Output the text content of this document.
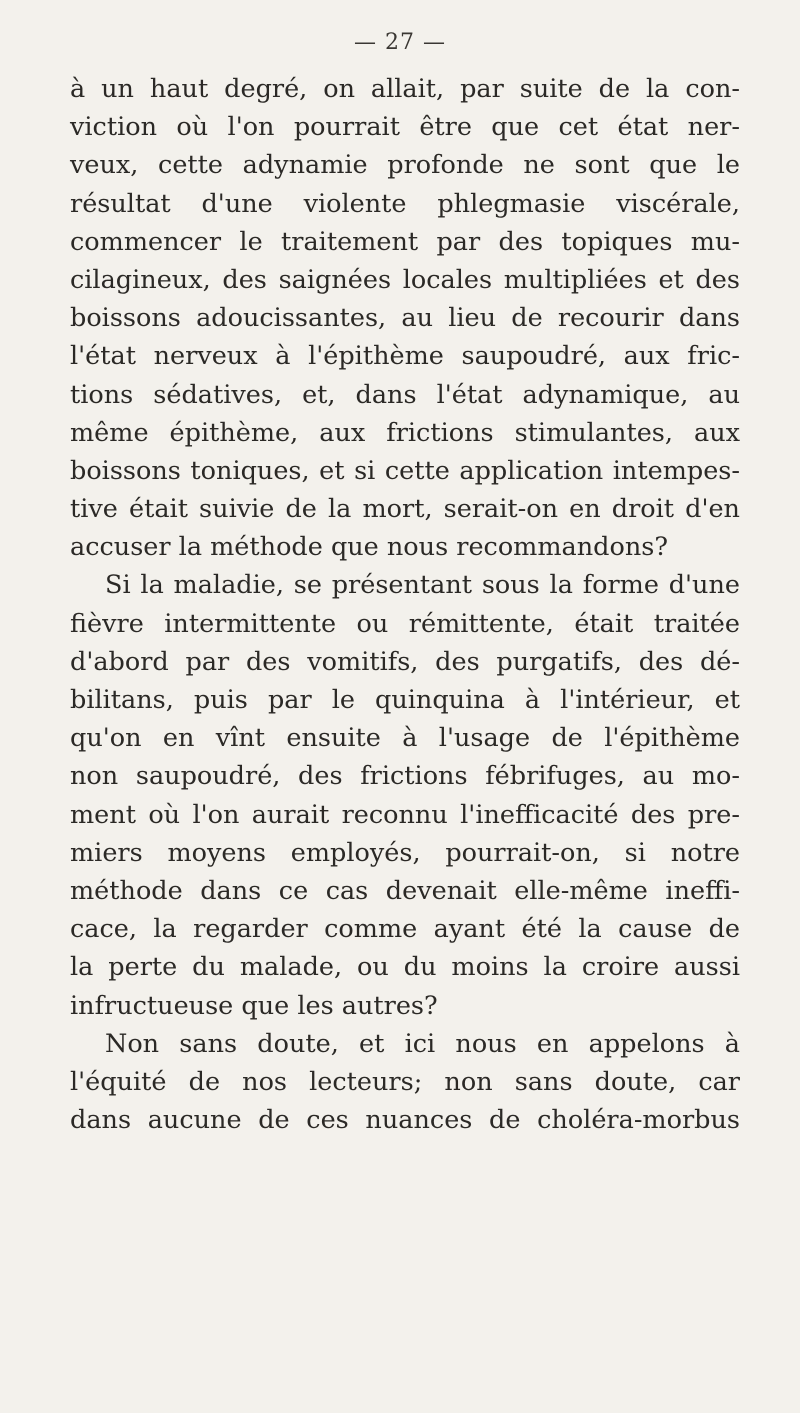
— 27 —
à un haut degré, on allait, par suite de la con-
viction où l'on pourrait être que cet état ner-
veux, cette adynamie profonde ne sont que le
résultat d'une violente phlegmasie viscérale,
commencer le traitement par des topiques mu-
cilagineux, des saignées locales multipliées et des
boissons adoucissantes, au lieu de recourir dans
l'état nerveux à l'épithème saupoudré, aux fric-
tions sédatives, et, dans l'état adynamique, au
même épithème, aux frictions stimulantes, aux
boissons toniques, et si cette application intempes-
tive était suivie de la mort, serait-on en droit d'en
accuser la méthode que nous recommandons?
Si la maladie, se présentant sous la forme d'une
fièvre intermittente ou rémittente, était traitée
d'abord par des vomitifs, des purgatifs, des dé-
bilitans, puis par le quinquina à l'intérieur, et
qu'on en vînt ensuite à l'usage de l'épithème
non saupoudré, des frictions fébrifuges, au mo-
ment où l'on aurait reconnu l'inefficacité des pre-
miers moyens employés, pourrait-on, si notre
méthode dans ce cas devenait elle-même ineffi-
cace, la regarder comme ayant été la cause de
la perte du malade, ou du moins la croire aussi
infructueuse que les autres?
Non sans doute, et ici nous en appelons à
l'équité de nos lecteurs; non sans doute, car
dans aucune de ces nuances de choléra-morbus
